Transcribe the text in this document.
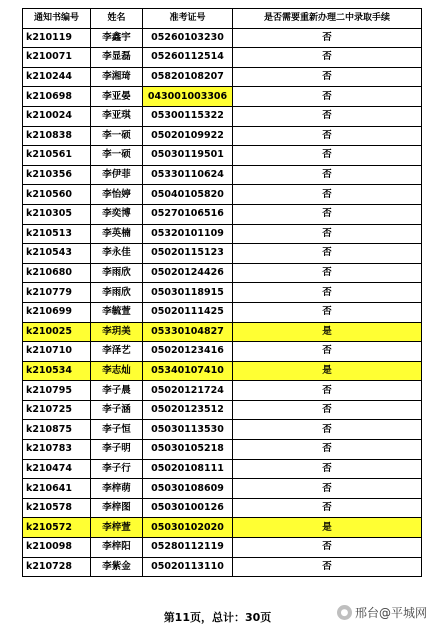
通知书编号	姓名	准考证号	是否需要重新办理二中录取手续
k210119	李鑫宇	05260103230	否
k210071	李显磊	05260112514	否
k210244	李湘琦	05820108207	否
k210698	李亚晏	043001003306	否
k210024	李亚琪	05300115322	否
k210838	李一硕	05020109922	否
k210561	李一硕	05030119501	否
k210356	李伊菲	05330110624	否
k210560	李怡婷	05040105820	否
k210305	李奕博	05270106516	否
k210513	李英楠	05320101109	否
k210543	李永佳	05020115123	否
k210680	李雨欣	05020124426	否
k210779	李雨欣	05030118915	否
k210699	李毓萱	05020111425	否
k210025	李玥美	05330104827	是
k210710	李泽艺	05020123416	否
k210534	李志灿	05340107410	是
k210795	李子晨	05020121724	否
k210725	李子涵	05020123512	否
k210875	李子恒	05030113530	否
k210783	李子明	05030105218	否
k210474	李子行	05020108111	否
k210641	李梓萌	05030108609	否
k210578	李梓图	05030100126	否
k210572	李梓萱	05030102020	是
k210098	李梓阳	05280112119	否
k210728	李紫金	05020113110	否
第11页，总计：30页	● 邢台@平城网
